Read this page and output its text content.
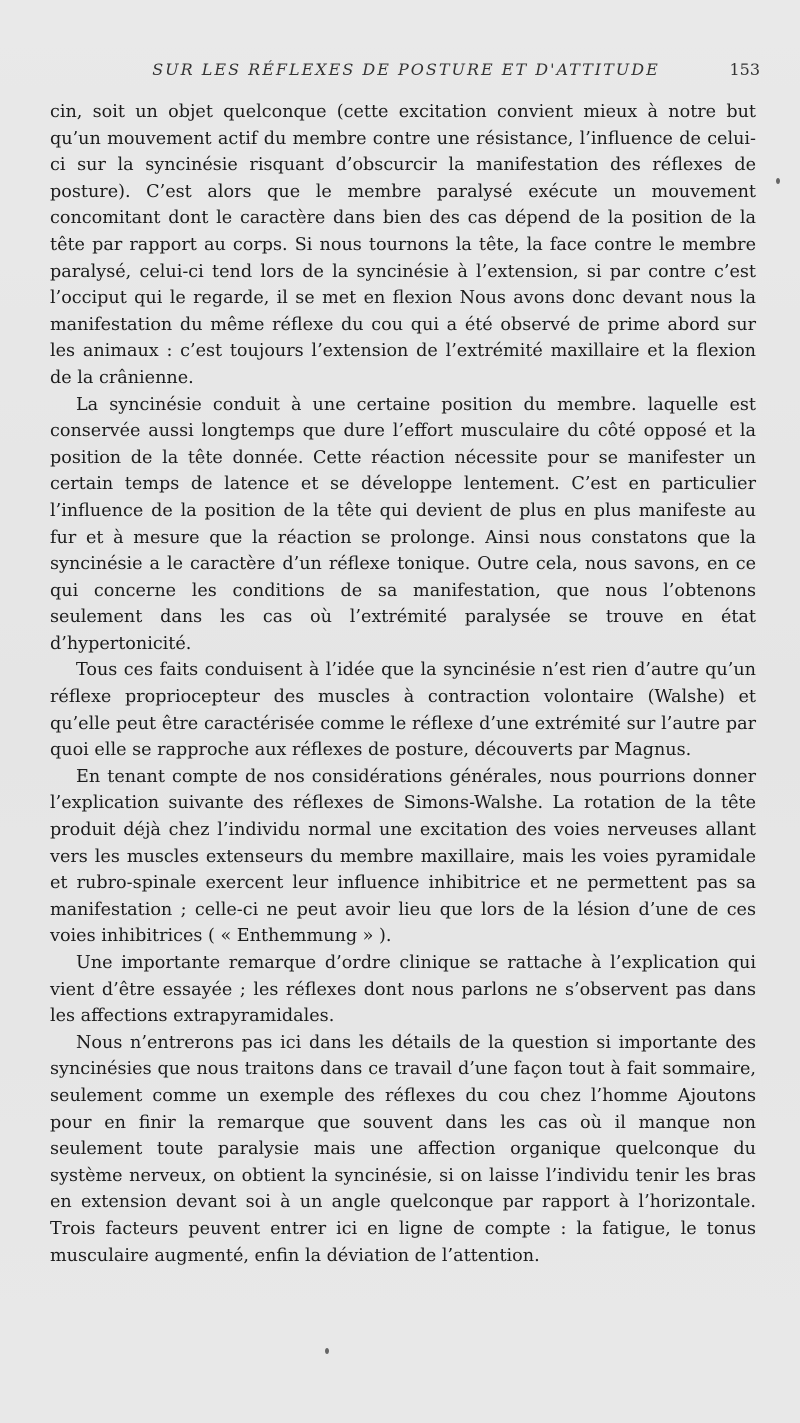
SUR LES RÉFLEXES DE POSTURE ET D'ATTITUDE	153

cin, soit un objet quelconque (cette excitation convient mieux à notre but qu’un mouvement actif du membre contre une résistance, l’influence de celui-ci sur la syncinésie risquant d’obscurcir la manifestation des réflexes de posture). C’est alors que le membre paralysé exécute un mouvement concomitant dont le caractère dans bien des cas dépend de la position de la tête par rapport au corps. Si nous tournons la tête, la face contre le membre paralysé, celui-ci tend lors de la syncinésie à l’extension, si par contre c’est l’occiput qui le regarde, il se met en flexion Nous avons donc devant nous la manifestation du même réflexe du cou qui a été observé de prime abord sur les animaux : c’est toujours l’extension de l’extrémité maxillaire et la flexion de la crânienne.

La syncinésie conduit à une certaine position du membre. laquelle est conservée aussi longtemps que dure l’effort musculaire du côté opposé et la position de la tête donnée. Cette réaction nécessite pour se manifester un certain temps de latence et se développe lentement. C’est en particulier l’influence de la position de la tête qui devient de plus en plus manifeste au fur et à mesure que la réaction se prolonge. Ainsi nous constatons que la syncinésie a le caractère d’un réflexe tonique. Outre cela, nous savons, en ce qui concerne les conditions de sa manifestation, que nous l’obtenons seulement dans les cas où l’extrémité paralysée se trouve en état d’hypertonicité.

Tous ces faits conduisent à l’idée que la syncinésie n’est rien d’autre qu’un réflexe propriocepteur des muscles à contraction volontaire (Walshe) et qu’elle peut être caractérisée comme le réflexe d’une extrémité sur l’autre par quoi elle se rapproche aux réflexes de posture, découverts par Magnus.

En tenant compte de nos considérations générales, nous pourrions donner l’explication suivante des réflexes de Simons-Walshe. La rotation de la tête produit déjà chez l’individu normal une excitation des voies nerveuses allant vers les muscles extenseurs du membre maxillaire, mais les voies pyramidale et rubro-spinale exercent leur influence inhibitrice et ne permettent pas sa manifestation ; celle-ci ne peut avoir lieu que lors de la lésion d’une de ces voies inhibitrices ( « Enthemmung » ).

Une importante remarque d’ordre clinique se rattache à l’explication qui vient d’être essayée ; les réflexes dont nous parlons ne s’observent pas dans les affections extrapyramidales.

Nous n’entrerons pas ici dans les détails de la question si importante des syncinésies que nous traitons dans ce travail d’une façon tout à fait sommaire, seulement comme un exemple des réflexes du cou chez l’homme Ajoutons pour en finir la remarque que souvent dans les cas où il manque non seulement toute paralysie mais une affection organique quelconque du système nerveux, on obtient la syncinésie, si on laisse l’individu tenir les bras en extension devant soi à un angle quelconque par rapport à l’horizontale. Trois facteurs peuvent entrer ici en ligne de compte : la fatigue, le tonus musculaire augmenté, enfin la déviation de l’attention.
